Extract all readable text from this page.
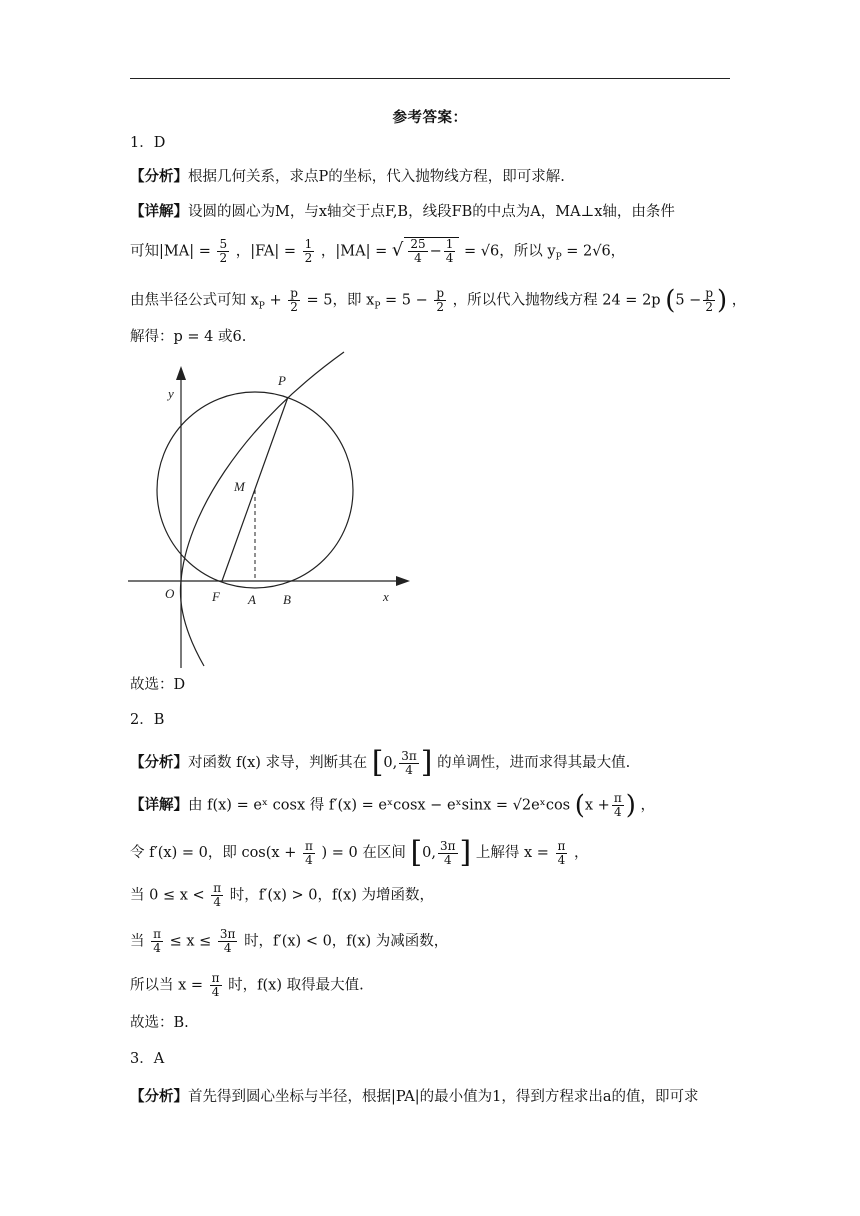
参考答案：
1．D
【分析】根据几何关系，求点P的坐标，代入抛物线方程，即可求解.
【详解】设圆的圆心为M，与x轴交于点F,B，线段FB的中点为A，MA⊥x轴，由条件
可知$|MA| = \frac{5}{2}$ ，$|FA| = \frac{1}{2}$ ，|MA| = √ $\frac{25}{4} - \frac{1}{4} = √6$，所以 $y_P = 2√6$，
由焦半径公式可知 $x_P + \frac{p}{2} = 5$，即 $x_P = 5 - \frac{p}{2}$ ，所以代入抛物线方程 24 = 2p ($5 - \frac{p}{2}$ ) ，
解得：p = 4 或6.
y
P
M
O	F A B	x
故选：D
2．B
【分析】对函数 f(x) 求导，判断其在 [0, $\frac{3\pi}{4}$ ] 的单调性，进而求得其最大值.
【详解】由 f(x) = eˣ cosx 得 f′(x) = eˣcosx − eˣsinx = √2eˣcos ($x + \frac{\pi}{4}$ ) ，
令 f′(x) = 0，即 $\cos(x + \frac{\pi}{4}$ ) = 0 在区间 [0, $\frac{3\pi}{4}$ ] 上解得 $x = \frac{\pi}{4}$ ，
当 $0 \le x < \frac{\pi}{4}$ 时，f′(x) > 0，f(x) 为增函数，
当 $\frac{\pi}{4} \le x \le \frac{3\pi}{4}$ 时，f′(x) < 0，f(x) 为减函数，
所以当 $x = \frac{\pi}{4}$ 时，f(x) 取得最大值.
故选：B.
3．A
【分析】首先得到圆心坐标与半径，根据|PA|的最小值为1，得到方程求出a的值，即可求
